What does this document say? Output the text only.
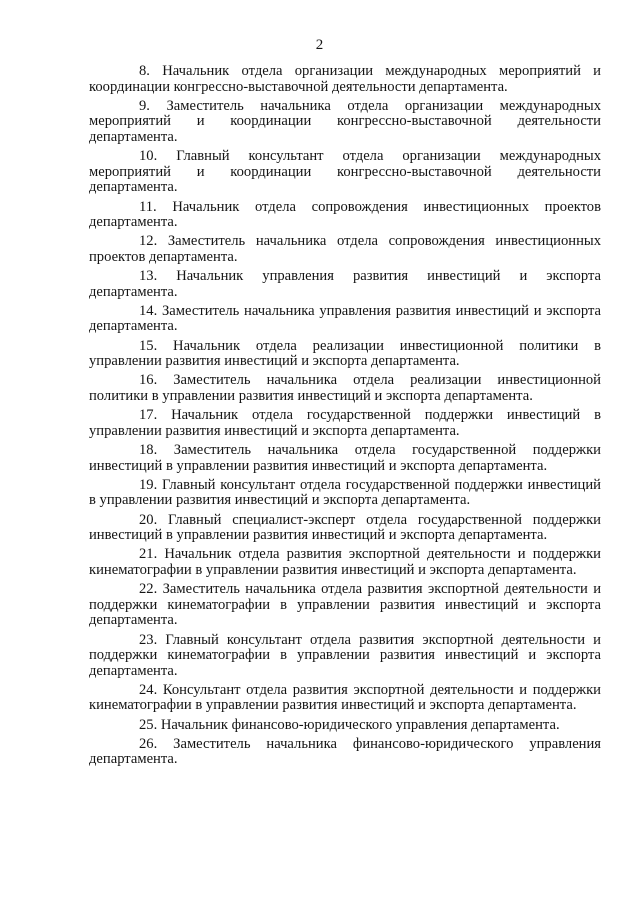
2

8. Начальник отдела организации международных мероприятий и координации конгрессно-выставочной деятельности департамента.

9. Заместитель начальника отдела организации международных мероприятий и координации конгрессно-выставочной деятельности департамента.

10. Главный консультант отдела организации международных мероприятий и координации конгрессно-выставочной деятельности департамента.

11. Начальник отдела сопровождения инвестиционных проектов департамента.

12. Заместитель начальника отдела сопровождения инвестиционных проектов департамента.

13. Начальник управления развития инвестиций и экспорта департамента.

14. Заместитель начальника управления развития инвестиций и экспорта департамента.

15. Начальник отдела реализации инвестиционной политики в управлении развития инвестиций и экспорта департамента.

16. Заместитель начальника отдела реализации инвестиционной политики в управлении развития инвестиций и экспорта департамента.

17. Начальник отдела государственной поддержки инвестиций в управлении развития инвестиций и экспорта департамента.

18. Заместитель начальника отдела государственной поддержки инвестиций в управлении развития инвестиций и экспорта департамента.

19. Главный консультант отдела государственной поддержки инвестиций в управлении развития инвестиций и экспорта департамента.

20. Главный специалист-эксперт отдела государственной поддержки инвестиций в управлении развития инвестиций и экспорта департамента.

21. Начальник отдела развития экспортной деятельности и поддержки кинематографии в управлении развития инвестиций и экспорта департамента.

22. Заместитель начальника отдела развития экспортной деятельности и поддержки кинематографии в управлении развития инвестиций и экспорта департамента.

23. Главный консультант отдела развития экспортной деятельности и поддержки кинематографии в управлении развития инвестиций и экспорта департамента.

24. Консультант отдела развития экспортной деятельности и поддержки кинематографии в управлении развития инвестиций и экспорта департамента.

25. Начальник финансово-юридического управления департамента.

26. Заместитель начальника финансово-юридического управления департамента.
